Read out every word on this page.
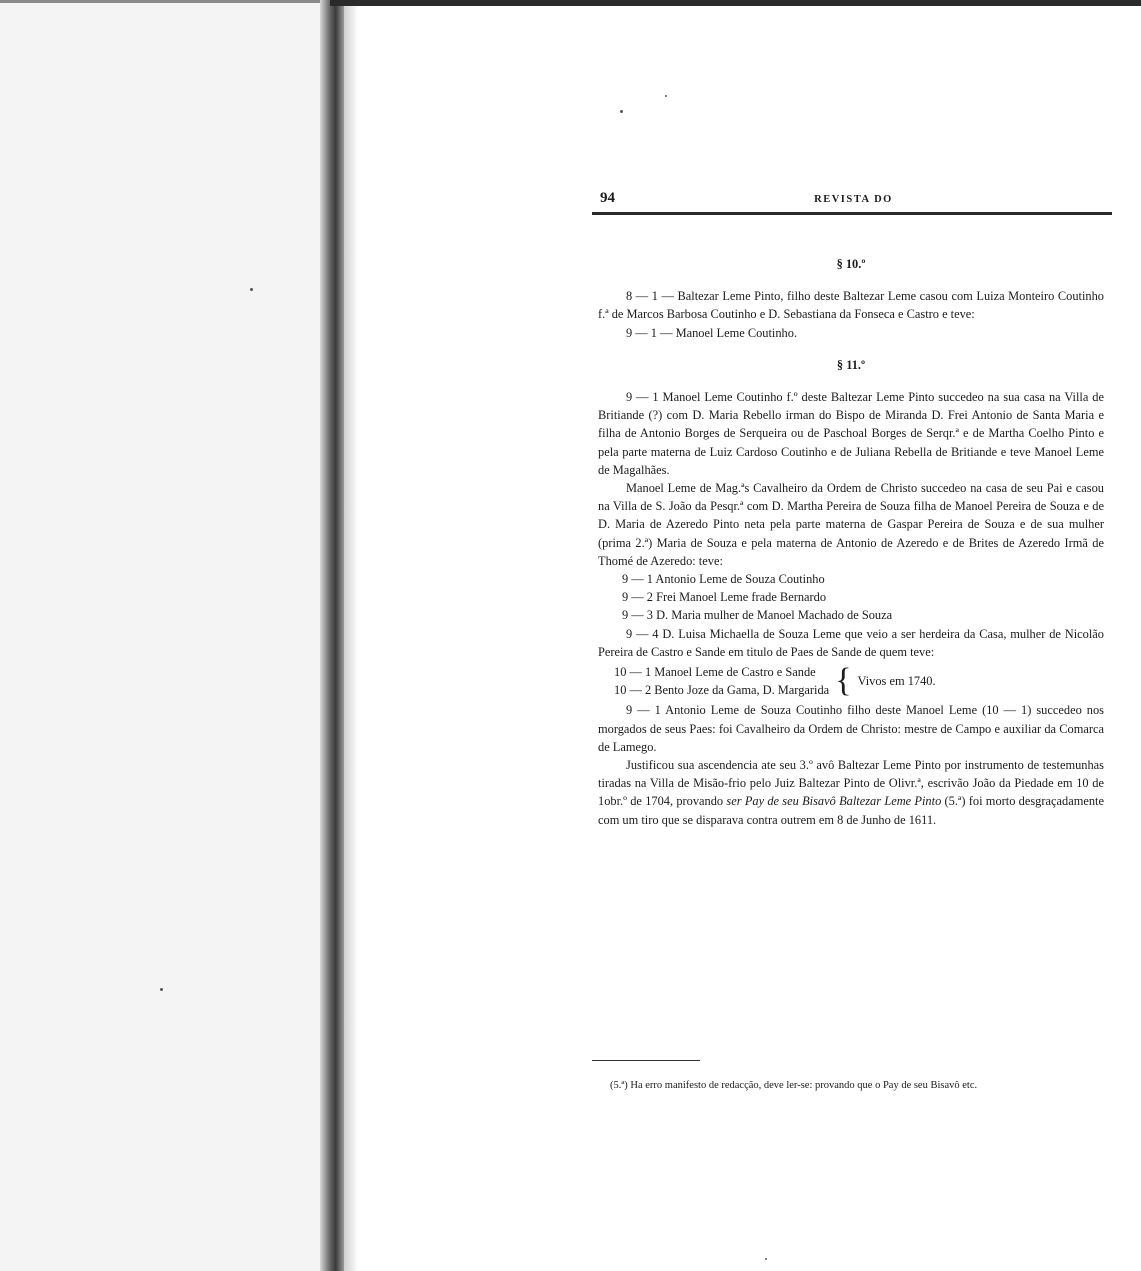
94	REVISTA DO

§ 10.º

8 — 1 — Baltezar Leme Pinto, filho deste Baltezar Leme casou com Luiza Monteiro Coutinho f.ª de Marcos Barbosa Coutinho e D. Sebastiana da Fonseca e Castro e teve:

9 — 1 — Manoel Leme Coutinho.

§ 11.º

9 — 1 Manoel Leme Coutinho f.º deste Baltezar Leme Pinto succedeo na sua casa na Villa de Britiande (?) com D. Maria Rebello irman do Bispo de Miranda D. Frei Antonio de Santa Maria e filha de Antonio Borges de Serqueira ou de Paschoal Borges de Serqr.ª e de Martha Coelho Pinto e pela parte materna de Luiz Cardoso Coutinho e de Juliana Rebella de Britiande e teve Manoel Leme de Magalhães.

Manoel Leme de Mag.ªs Cavalheiro da Ordem de Christo succedeo na casa de seu Pai e casou na Villa de S. João da Pesqr.ª com D. Martha Pereira de Souza filha de Manoel Pereira de Souza e de D. Maria de Azeredo Pinto neta pela parte materna de Gaspar Pereira de Souza e de sua mulher (prima 2.ª) Maria de Souza e pela materna de Antonio de Azeredo e de Brites de Azeredo Irmã de Thomé de Azeredo: teve:

9 — 1 Antonio Leme de Souza Coutinho

9 — 2 Frei Manoel Leme frade Bernardo

9 — 3 D. Maria mulher de Manoel Machado de Souza

9 — 4 D. Luisa Michaella de Souza Leme que veio a ser herdeira da Casa, mulher de Nicolão Pereira de Castro e Sande em titulo de Paes de Sande de quem teve:

10 — 1 Manoel Leme de Castro e Sande
10 — 2 Bento Joze da Gama, D. Margarida { Vivos em 1740.

9 — 1 Antonio Leme de Souza Coutinho filho deste Manoel Leme (10 — 1) succedeo nos morgados de seus Paes: foi Cavalheiro da Ordem de Christo: mestre de Campo e auxiliar da Comarca de Lamego.

Justificou sua ascendencia ate seu 3.º avô Baltezar Leme Pinto por instrumento de testemunhas tiradas na Villa de Misão-frio pelo Juiz Baltezar Pinto de Olivr.ª, escrivão João da Piedade em 10 de 1obr.º de 1704, provando ser Pay de seu Bisavô Baltezar Leme Pinto (5.ª) foi morto desgraçadamente com um tiro que se disparava contra outrem em 8 de Junho de 1611.

(5.ª) Ha erro manifesto de redacção, deve ler-se: provando que o Pay de seu Bisavô etc.
